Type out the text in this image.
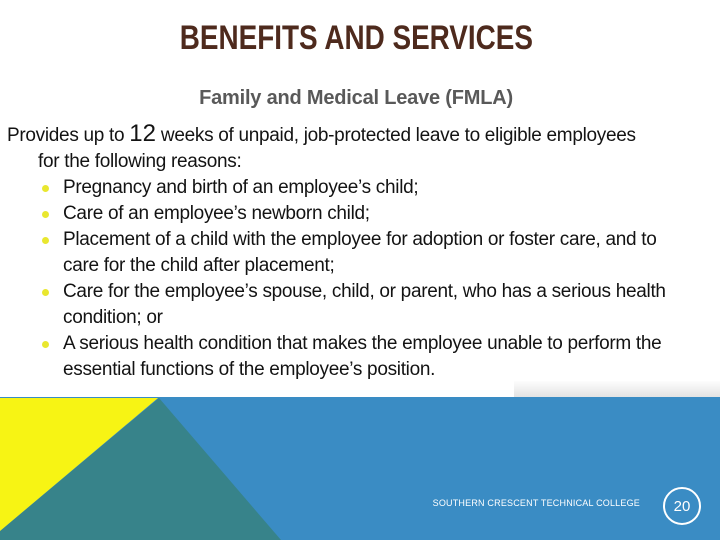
BENEFITS AND SERVICES
Family and Medical Leave (FMLA)
Provides up to 12 weeks of unpaid, job-protected leave to eligible employees
for the following reasons:
Pregnancy and birth of an employee’s child;
Care of an employee’s newborn child;
Placement of a child with the employee for adoption or foster care, and to
care for the child after placement;
Care for the employee’s spouse, child, or parent, who has a serious health
condition; or
A serious health condition that makes the employee unable to perform the
essential functions of the employee’s position.
SOUTHERN CRESCENT TECHNICAL COLLEGE 20
